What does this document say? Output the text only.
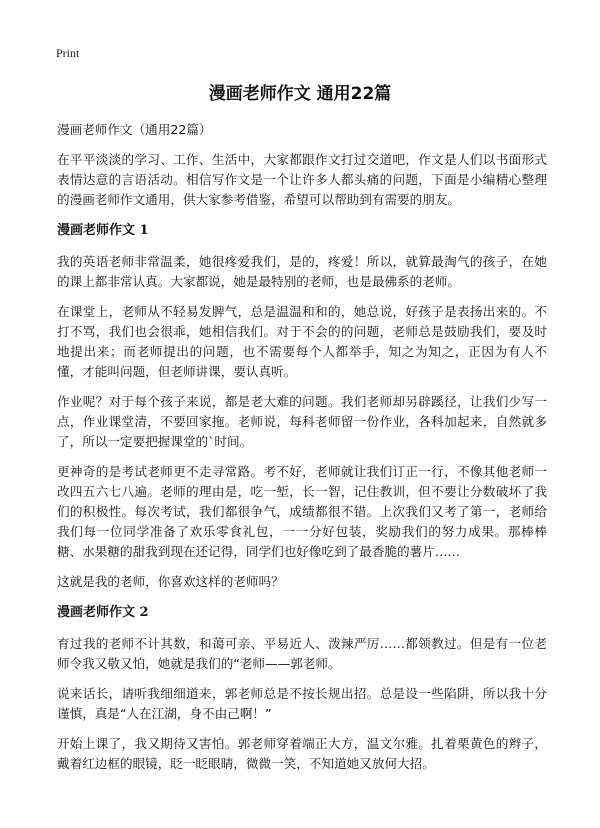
Print
漫画老师作文 通用22篇

漫画老师作文（通用22篇）

在平平淡淡的学习、工作、生活中，大家都跟作文打过交道吧，作文是人们以书面形式表情达意的言语活动。相信写作文是一个让许多人都头痛的问题，下面是小编精心整理的漫画老师作文通用，供大家参考借鉴，希望可以帮助到有需要的朋友。

漫画老师作文 1

我的英语老师非常温柔，她很疼爱我们，是的，疼爱！所以，就算最淘气的孩子，在她的课上都非常认真。大家都说，她是最特别的老师，也是最佛系的老师。

在课堂上，老师从不轻易发脾气，总是温温和和的，她总说，好孩子是表扬出来的。不打不骂，我们也会很乖，她相信我们。对于不会的的问题，老师总是鼓励我们，要及时地提出来；而老师提出的问题，也不需要每个人都举手，知之为知之，正因为有人不懂，才能叫问题，但老师讲课，要认真听。

作业呢？对于每个孩子来说，都是老大难的问题。我们老师却另辟蹊径，让我们少写一点，作业课堂清，不要回家拖。老师说，每科老师留一份作业，各科加起来，自然就多了，所以一定要把握课堂的`时间。

更神奇的是考试老师更不走寻常路。考不好，老师就让我们订正一行，不像其他老师一改四五六七八遍。老师的理由是，吃一堑，长一智，记住教训，但不要让分数破坏了我们的积极性。每次考试，我们都很争气，成绩都很不错。上次我们又考了第一，老师给我们每一位同学准备了欢乐零食礼包，一一分好包装，奖励我们的努力成果。那棒棒糖、水果糖的甜我到现在还记得，同学们也好像吃到了最香脆的薯片……

这就是我的老师，你喜欢这样的老师吗？

漫画老师作文 2

育过我的老师不计其数，和蔼可亲、平易近人、泼辣严厉……都领教过。但是有一位老师令我又敬又怕，她就是我们的“老师——郭老师。

说来话长，请听我细细道来，郭老师总是不按长规出招。总是设一些陷阱，所以我十分谨慎，真是“人在江湖，身不由己啊！”

开始上课了，我又期待又害怕。郭老师穿着端正大方，温文尔雅。扎着栗黄色的辫子，戴着红边框的眼镜，眨一眨眼睛，微微一笑，不知道她又放何大招。
